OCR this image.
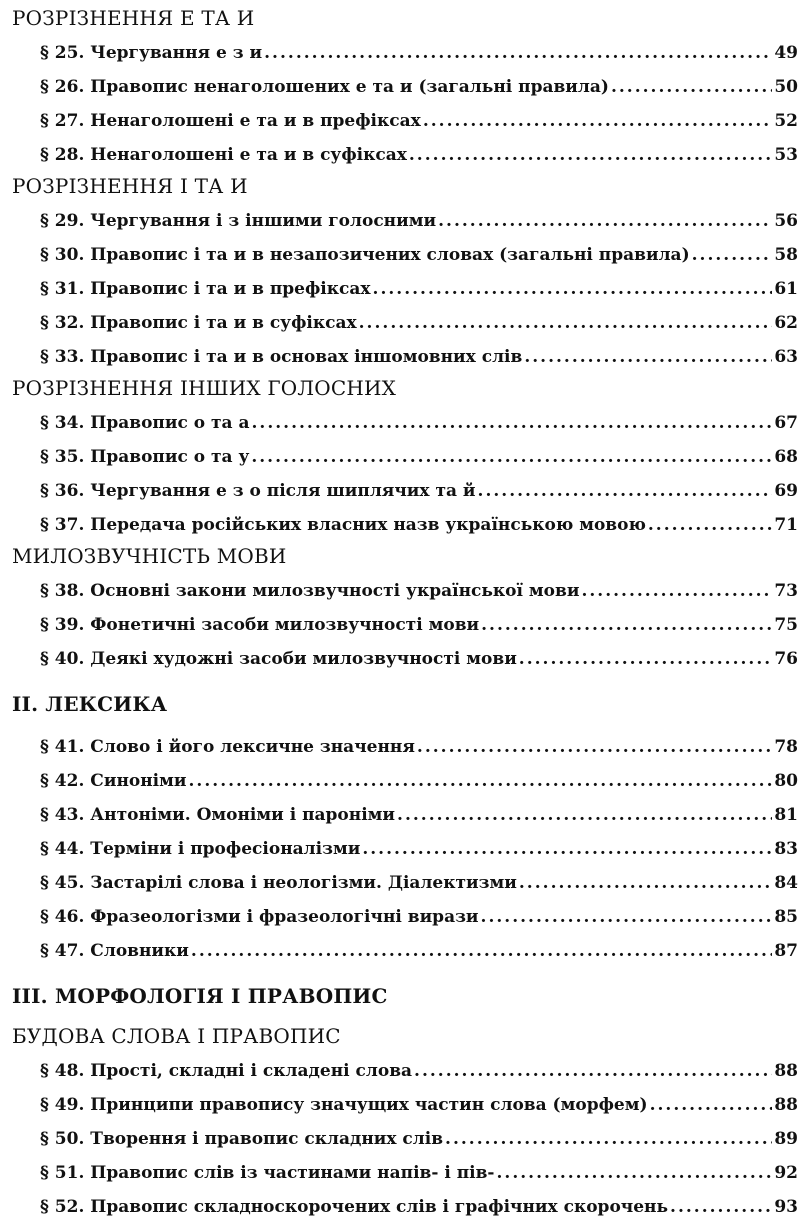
РОЗРІЗНЕННЯ Е ТА И
§ 25. Чергування е з и .....	49
§ 26. Правопис ненаголошених е та и (загальні правила) .....	50
§ 27. Ненаголошені е та и в префіксах .....	52
§ 28. Ненаголошені е та и в суфіксах .....	53
РОЗРІЗНЕННЯ І ТА И
§ 29. Чергування і з іншими голосними .....	56
§ 30. Правопис і та и в незапозичених словах (загальні правила) .....	58
§ 31. Правопис і та и в префіксах .....	61
§ 32. Правопис і та и в суфіксах .....	62
§ 33. Правопис і та и в основах іншомовних слів .....	63
РОЗРІЗНЕННЯ ІНШИХ ГОЛОСНИХ
§ 34. Правопис о та а .....	67
§ 35. Правопис о та у .....	68
§ 36. Чергування е з о після шиплячих та й .....	69
§ 37. Передача російських власних назв українською мовою .....	71
МИЛОЗВУЧНІСТЬ МОВИ
§ 38. Основні закони милозвучності української мови .....	73
§ 39. Фонетичні засоби милозвучності мови .....	75
§ 40. Деякі художні засоби милозвучності мови .....	76
ІІ. ЛЕКСИКА
§ 41. Слово і його лексичне значення .....	78
§ 42. Синоніми .....	80
§ 43. Антоніми. Омоніми і пароніми .....	81
§ 44. Терміни і професіоналізми .....	83
§ 45. Застарілі слова і неологізми. Діалектизми .....	84
§ 46. Фразеологізми і фразеологічні вирази .....	85
§ 47. Словники .....	87
ІІІ. МОРФОЛОГІЯ І ПРАВОПИС
БУДОВА СЛОВА І ПРАВОПИС
§ 48. Прості, складні і складені слова .....	88
§ 49. Принципи правопису значущих частин слова (морфем) .....	88
§ 50. Творення і правопис складних слів .....	89
§ 51. Правопис слів із частинами напів- і пів- .....	92
§ 52. Правопис складноскорочених слів і графічних скорочень .....	93
